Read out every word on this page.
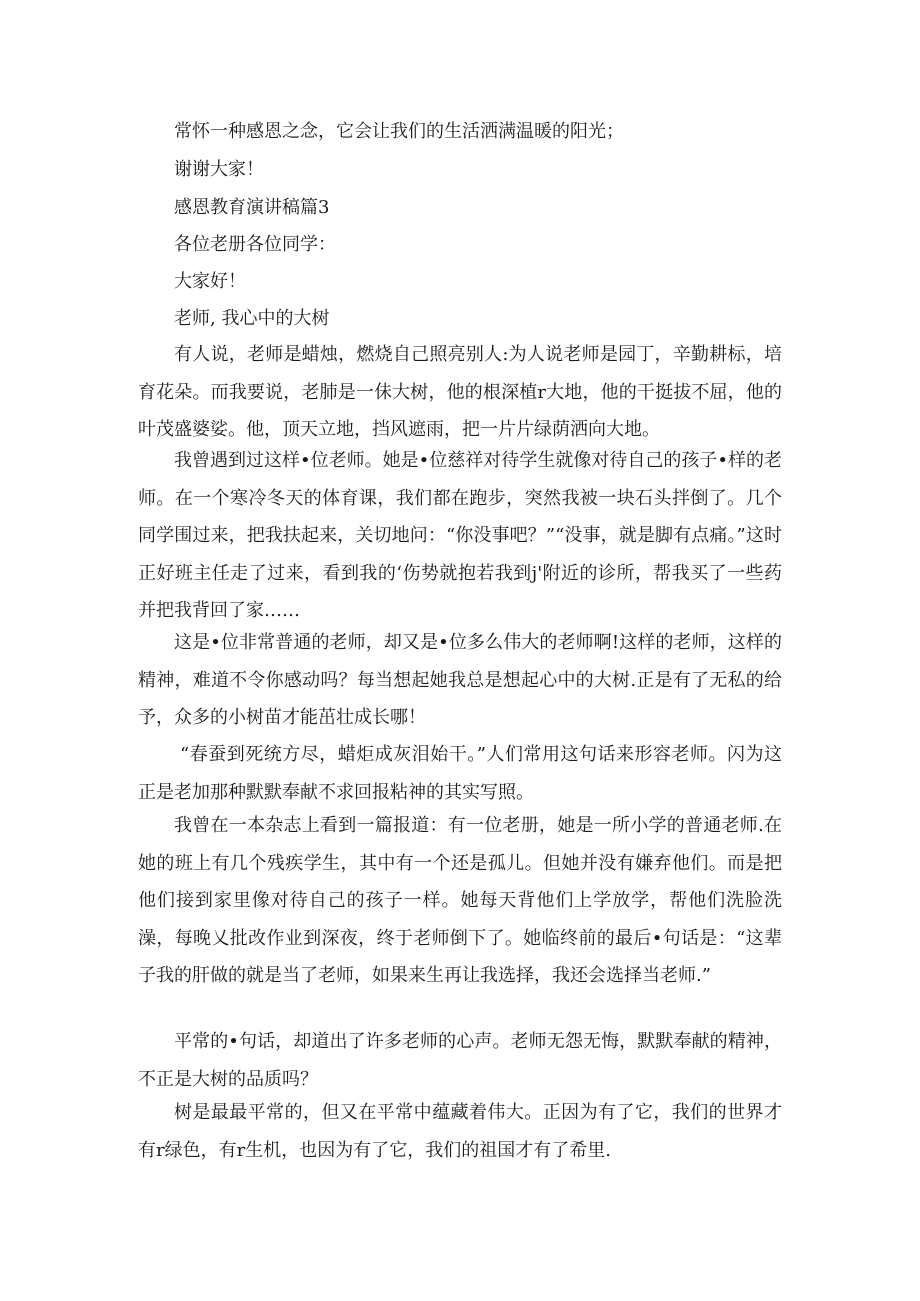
常怀一种感恩之念，它会让我们的生活洒满温暖的阳光；

谢谢大家！

感恩教育演讲稿篇3

各位老册各位同学：

大家好！

老师, 我心中的大树

有人说，老师是蜡烛，燃烧自己照亮别人:为人说老师是园丁，辛勤耕标，培育花朵。而我要说，老肺是一佅大树，他的根深植r大地，他的干挺拔不屈，他的叶茂盛婆娑。他，顶天立地，挡风遮雨，把一片片绿荫洒向大地。

我曾遇到过这样•位老师。她是•位慈祥对待学生就像对待自己的孩子•样的老师。在一个寒冷冬天的体育课，我们都在跑步，突然我被一块石头拌倒了。几个同学围过来，把我扶起来，关切地问：“你没事吧？”“没事，就是脚有点痛。”这时正好班主任走了过来，看到我的‘伤势就抱若我到j'附近的诊所，帮我买了一些药并把我背回了家……

这是•位非常普通的老师，却又是•位多么伟大的老师啊!这样的老师，这样的精神，难道不令你感动吗？每当想起她我总是想起心中的大树.正是有了无私的给予，众多的小树苗才能茁壮成长哪！

“春蚕到死统方尽，蜡炬成灰泪始干。”人们常用这句话来形容老师。闪为这正是老加那种默默奉献不求回报粘神的其实写照。

我曾在一本杂志上看到一篇报道：有一位老册，她是一所小学的普通老师.在她的班上有几个残疾学生，其中有一个还是孤儿。但她并没有嫌弃他们。而是把他们接到家里像对待自己的孩子一样。她每天背他们上学放学，帮他们洗脸洗澡，每晚乂批改作业到深夜，终于老师倒下了。她临终前的最后•句话是：“这辈子我的肝做的就是当了老师，如果来生再让我选择，我还会选择当老师.”

平常的•句话，却道出了许多老师的心声。老师无怨无悔，默默奉献的精神，不正是大树的品质吗？

树是最最平常的，但又在平常中蕴藏着伟大。正因为有了它，我们的世界才有r绿色，有r生机，也因为有了它，我们的祖国才有了希里.
